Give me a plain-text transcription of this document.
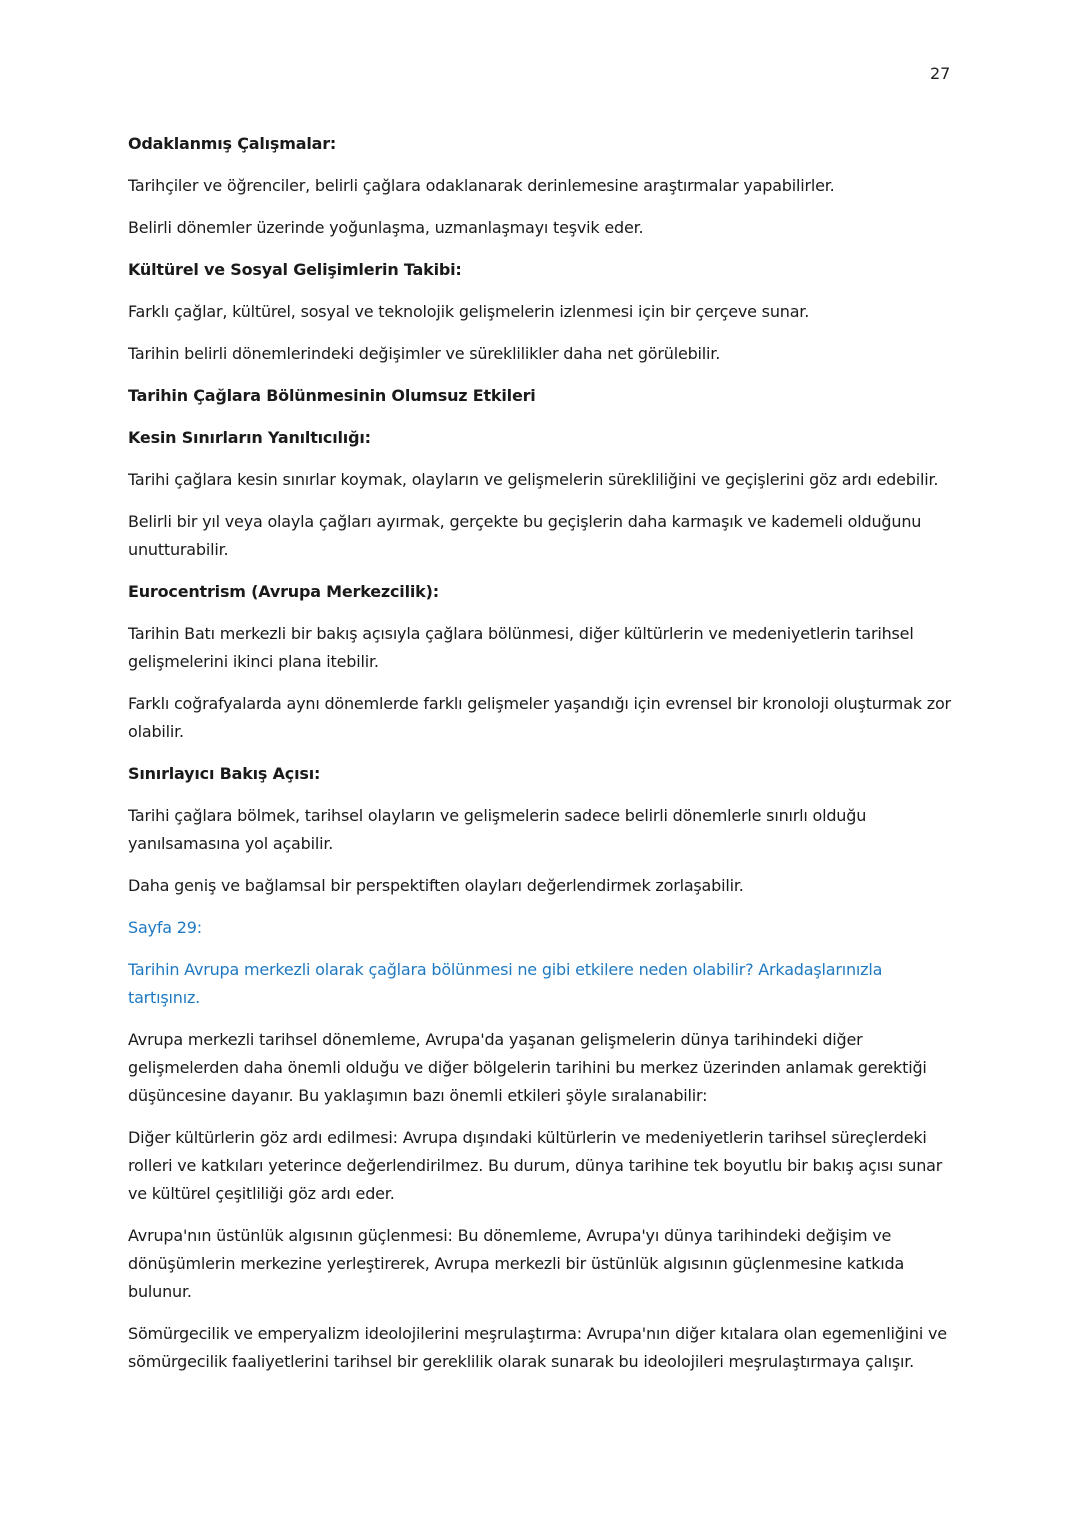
27
Odaklanmış Çalışmalar:
Tarihçiler ve öğrenciler, belirli çağlara odaklanarak derinlemesine araştırmalar yapabilirler.
Belirli dönemler üzerinde yoğunlaşma, uzmanlaşmayı teşvik eder.
Kültürel ve Sosyal Gelişimlerin Takibi:
Farklı çağlar, kültürel, sosyal ve teknolojik gelişmelerin izlenmesi için bir çerçeve sunar.
Tarihin belirli dönemlerindeki değişimler ve süreklilikler daha net görülebilir.
Tarihin Çağlara Bölünmesinin Olumsuz Etkileri
Kesin Sınırların Yanıltıcılığı:
Tarihi çağlara kesin sınırlar koymak, olayların ve gelişmelerin sürekliliğini ve geçişlerini göz ardı edebilir.
Belirli bir yıl veya olayla çağları ayırmak, gerçekte bu geçişlerin daha karmaşık ve kademeli olduğunu unutturabilir.
Eurocentrism (Avrupa Merkezcilik):
Tarihin Batı merkezli bir bakış açısıyla çağlara bölünmesi, diğer kültürlerin ve medeniyetlerin tarihsel gelişmelerini ikinci plana itebilir.
Farklı coğrafyalarda aynı dönemlerde farklı gelişmeler yaşandığı için evrensel bir kronoloji oluşturmak zor olabilir.
Sınırlayıcı Bakış Açısı:
Tarihi çağlara bölmek, tarihsel olayların ve gelişmelerin sadece belirli dönemlerle sınırlı olduğu yanılsamasına yol açabilir.
Daha geniş ve bağlamsal bir perspektiften olayları değerlendirmek zorlaşabilir.
Sayfa 29:
Tarihin Avrupa merkezli olarak çağlara bölünmesi ne gibi etkilere neden olabilir? Arkadaşlarınızla tartışınız.
Avrupa merkezli tarihsel dönemleme, Avrupa'da yaşanan gelişmelerin dünya tarihindeki diğer gelişmelerden daha önemli olduğu ve diğer bölgelerin tarihini bu merkez üzerinden anlamak gerektiği düşüncesine dayanır. Bu yaklaşımın bazı önemli etkileri şöyle sıralanabilir:
Diğer kültürlerin göz ardı edilmesi: Avrupa dışındaki kültürlerin ve medeniyetlerin tarihsel süreçlerdeki rolleri ve katkıları yeterince değerlendirilmez. Bu durum, dünya tarihine tek boyutlu bir bakış açısı sunar ve kültürel çeşitliliği göz ardı eder.
Avrupa'nın üstünlük algısının güçlenmesi: Bu dönemleme, Avrupa'yı dünya tarihindeki değişim ve dönüşümlerin merkezine yerleştirerek, Avrupa merkezli bir üstünlük algısının güçlenmesine katkıda bulunur.
Sömürgecilik ve emperyalizm ideolojilerini meşrulaştırma: Avrupa'nın diğer kıtalara olan egemenliğini ve sömürgecilik faaliyetlerini tarihsel bir gereklilik olarak sunarak bu ideolojileri meşrulaştırmaya çalışır.
